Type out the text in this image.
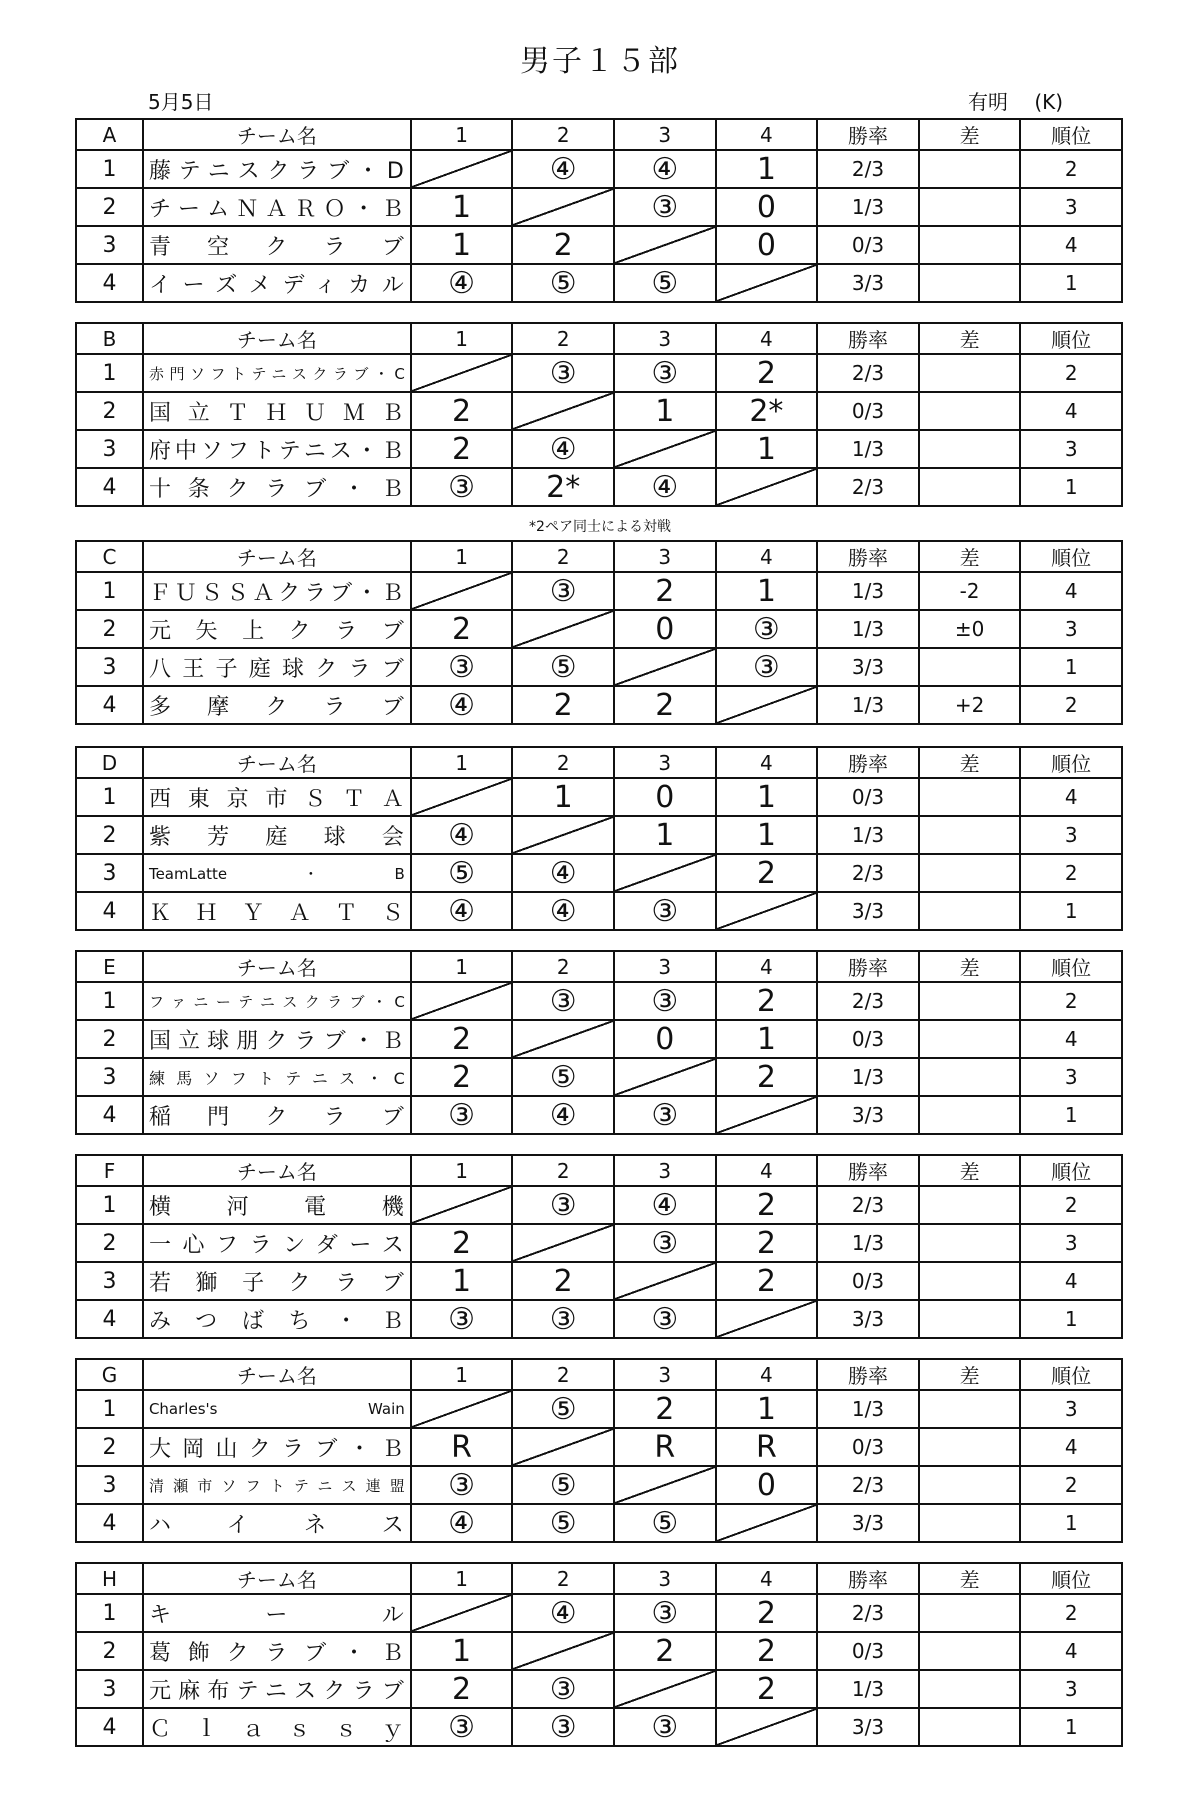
男子１５部
5月5日	有明　 (K)
A	チーム名	1	2	3	4	勝率	差	順位
1	藤テニスクラブ・D		④	④	1	2/3		2
2	チームＮＡＲＯ・Ｂ	1		③	0	1/3		3
3	青　空　ク　ラ　ブ	1	2		0	0/3		4
4	イーズメディカル	④	⑤	⑤		3/3		1
B	チーム名	1	2	3	4	勝率	差	順位
1	赤門ソフトテニスクラブ・C		③	③	2	2/3		2
2	国立ＴＨＵＭＢ	2		1	2*	0/3		4
3	府中ソフトテニス・Ｂ	2	④		1	1/3		3
4	十条クラブ・Ｂ	③	2*	④		2/3		1
C	チーム名	1	2	3	4	勝率	差	順位
1	ＦＵＳＳＡクラブ・Ｂ		③	2	1	1/3	-2	4
2	元矢上クラブ	2		0	③	1/3	±0	3
3	八王子庭球クラブ	③	⑤		③	3/3		1
4	多　摩　ク　ラ　ブ	④	2	2		1/3	+2	2
D	チーム名	1	2	3	4	勝率	差	順位
1	西東京市ＳＴＡ		1	0	1	0/3		4
2	紫　芳　庭　球　会	④		1	1	1/3		3
3	TeamLatte・B	⑤	④		2	2/3		2
4	ＫＨＹＡＴＳ	④	④	③		3/3		1
E	チーム名	1	2	3	4	勝率	差	順位
1	ファニーテニスクラブ・C		③	③	2	2/3		2
2	国立球朋クラブ・Ｂ	2		0	1	0/3		4
3	練馬ソフトテニス・C	2	⑤		2	1/3		3
4	稲　門　ク　ラ　ブ	③	④	③		3/3		1
F	チーム名	1	2	3	4	勝率	差	順位
1	横　河　電　機		③	④	2	2/3		2
2	一心フランダース	2		③	2	1/3		3
3	若獅子クラブ	1	2		2	0/3		4
4	みつばち・Ｂ	③	③	③		3/3		1
G	チーム名	1	2	3	4	勝率	差	順位
1	Charles's Wain		⑤	2	1	1/3		3
2	大岡山クラブ・Ｂ	R		R	R	0/3		4
3	清瀬市ソフトテニス連盟	③	⑤		0	2/3		2
4	ハ　イ　ネ　ス	④	⑤	⑤		3/3		1
H	チーム名	1	2	3	4	勝率	差	順位
1	キ　ー　ル		④	③	2	2/3		2
2	葛飾クラブ・Ｂ	1		2	2	0/3		4
3	元麻布テニスクラブ	2	③		2	1/3		3
4	Ｃｌａｓｓｙ	③	③	③		3/3		1
*2ペア同士による対戦
